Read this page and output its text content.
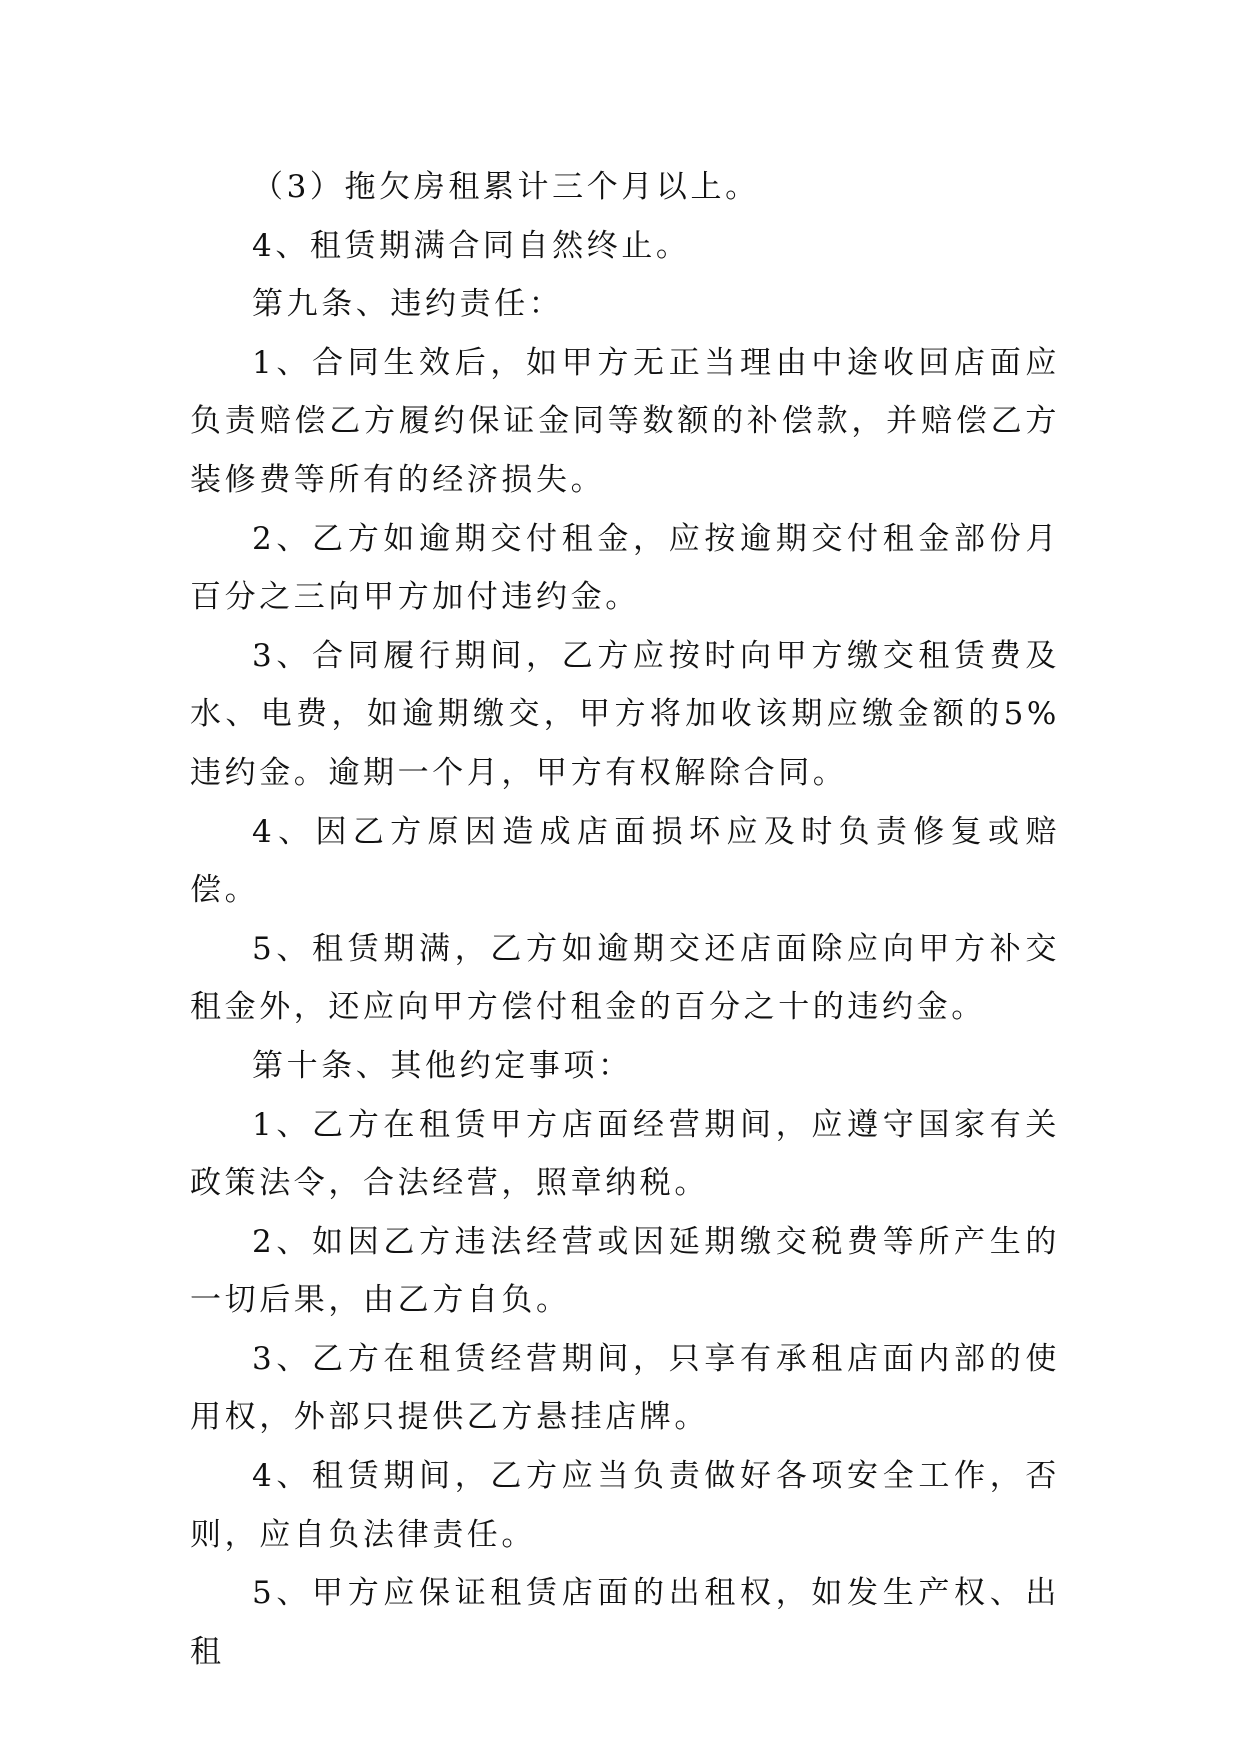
（3）拖欠房租累计三个月以上。

4、租赁期满合同自然终止。

第九条、违约责任：

1、合同生效后，如甲方无正当理由中途收回店面应负责赔偿乙方履约保证金同等数额的补偿款，并赔偿乙方装修费等所有的经济损失。

2、乙方如逾期交付租金，应按逾期交付租金部份月百分之三向甲方加付违约金。

3、合同履行期间，乙方应按时向甲方缴交租赁费及水、电费，如逾期缴交，甲方将加收该期应缴金额的5%违约金。逾期一个月，甲方有权解除合同。

4、因乙方原因造成店面损坏应及时负责修复或赔偿。

5、租赁期满，乙方如逾期交还店面除应向甲方补交租金外，还应向甲方偿付租金的百分之十的违约金。

第十条、其他约定事项：

1、乙方在租赁甲方店面经营期间，应遵守国家有关政策法令，合法经营，照章纳税。

2、如因乙方违法经营或因延期缴交税费等所产生的一切后果，由乙方自负。

3、乙方在租赁经营期间，只享有承租店面内部的使用权，外部只提供乙方悬挂店牌。

4、租赁期间，乙方应当负责做好各项安全工作，否则，应自负法律责任。

5、甲方应保证租赁店面的出租权，如发生产权、出租
